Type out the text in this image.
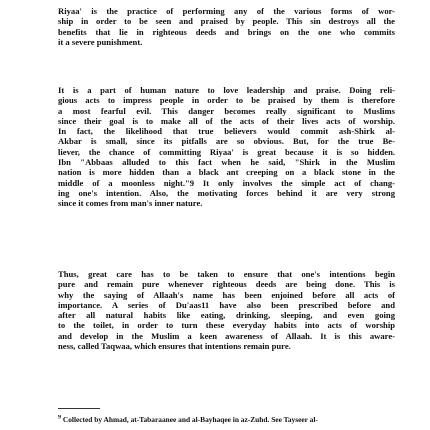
Riyaa' is the practice of performing any of the various forms of wor-
ship in order to be seen and praised by people. This sin destroys all the
benefits that lie in righteous deeds and brings on the one who commits
it a severe punishment.
It is a part of human nature to love leadership and praise. Doing reli-
gious acts to impress people in order to be praised by them is therefore
a most fearful evil. This danger becomes really significant to Muslims
since their goal is to make all of the acts of their lives acts of worship.
In fact, the likelihood that true believers would commit ash-Shirk al-
Akbar is small, since its pitfalls are so obvious. But, for the true Be-
liever, the chance of committing Riyaa' is great because it is so hidden.
Ibn "Abbaas alluded to this fact when he said, "Shirk in the Muslim
nation is more hidden than a black ant creeping on a black stone in the
middle of a moonless night."9 It only involves the simple act of chang-
ing one's intention. Also, the motivating forces behind it are very strong
since it comes from man's inner nature.
Thus, great care has to be taken to ensure that one's intentions begin
pure and remain pure whenever righteous deeds are being done. This is
why the saying of Allaah's name has been enjoined before all acts of
importance. A series of Du'aas11 have also been prescribed before and
after all natural habits like eating, drinking, sleeping, and even going
to the toilet, in order to turn these everyday habits into acts of worship
and develop in the Muslim a keen awareness of Allaah. It is this aware-
ness, called Taqwaa, which ensures that intentions remain pure.
$^9$ Collected by Ahmad, at-Tabaraanee and al-Bayhaqee in az-Zuhd. See Tayseer al-
